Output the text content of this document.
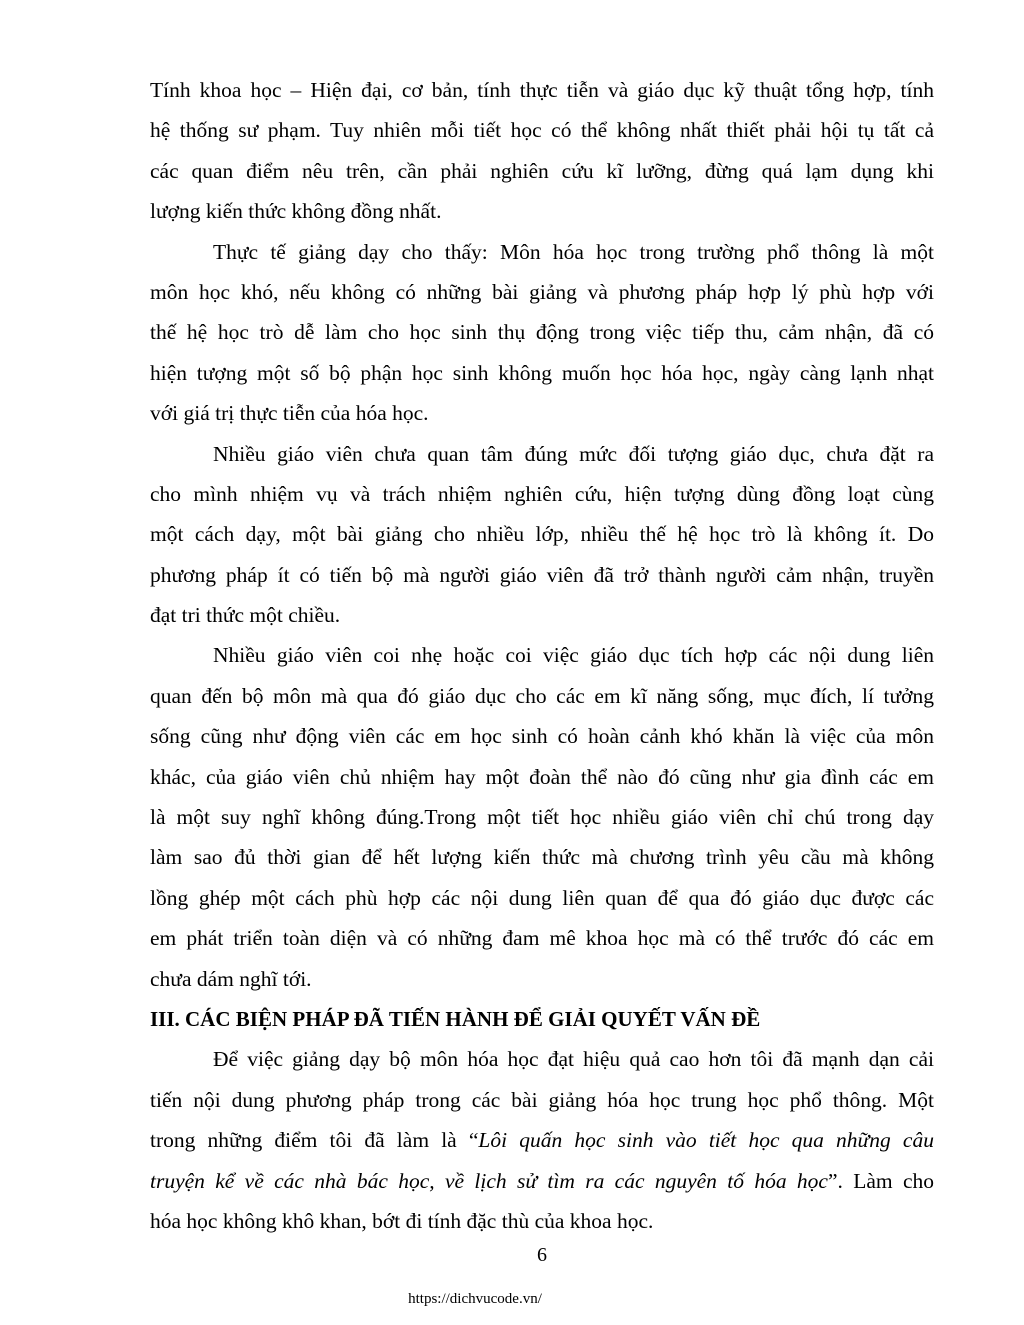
Tính khoa học – Hiện đại, cơ bản, tính thực tiễn và giáo dục kỹ thuật tổng hợp, tính
hệ thống sư phạm. Tuy nhiên mỗi tiết học có thể không nhất thiết phải hội tụ tất cả
các quan điểm nêu trên, cần phải nghiên cứu kĩ lưỡng, đừng quá lạm dụng khi
lượng kiến thức không đồng nhất.
Thực tế giảng dạy cho thấy: Môn hóa học trong trường phổ thông là một
môn học khó, nếu không có những bài giảng và phương pháp hợp lý phù hợp với
thế hệ học trò dễ làm cho học sinh thụ động trong việc tiếp thu, cảm nhận, đã có
hiện tượng một số bộ phận học sinh không muốn học hóa học, ngày càng lạnh nhạt
với giá trị thực tiễn của hóa học.
Nhiều giáo viên chưa quan tâm đúng mức đối tượng giáo dục, chưa đặt ra
cho mình nhiệm vụ và trách nhiệm nghiên cứu, hiện tượng dùng đồng loạt cùng
một cách dạy, một bài giảng cho nhiều lớp, nhiều thế hệ học trò là không ít. Do
phương pháp ít có tiến bộ mà người giáo viên đã trở thành người cảm nhận, truyền
đạt tri thức một chiều.
Nhiều giáo viên coi nhẹ hoặc coi việc giáo dục tích hợp các nội dung liên
quan đến bộ môn mà qua đó giáo dục cho các em kĩ năng sống, mục đích, lí tưởng
sống cũng như động viên các em học sinh có hoàn cảnh khó khăn là việc của môn
khác, của giáo viên chủ nhiệm hay một đoàn thể nào đó cũng như gia đình các em
là một suy nghĩ không đúng.Trong một tiết học nhiều giáo viên chỉ chú trong dạy
làm sao đủ thời gian để hết lượng kiến thức mà chương trình yêu cầu mà không
lồng ghép một cách phù hợp các nội dung liên quan để qua đó giáo dục được các
em phát triển toàn diện và có những đam mê khoa học mà có thể trước đó các em
chưa dám nghĩ tới.
III. CÁC BIỆN PHÁP ĐÃ TIẾN HÀNH ĐỂ GIẢI QUYẾT VẤN ĐỀ
Để việc giảng dạy bộ môn hóa học đạt hiệu quả cao hơn tôi đã mạnh dạn cải
tiến nội dung phương pháp trong các bài giảng hóa học trung học phổ thông. Một
trong những điểm tôi đã làm là “Lôi quấn học sinh vào tiết học qua những câu
truyện kể về các nhà bác học, về lịch sử tìm ra các nguyên tố hóa học”. Làm cho
hóa học không khô khan, bớt đi tính đặc thù của khoa học.
6
https://dichvucode.vn/
